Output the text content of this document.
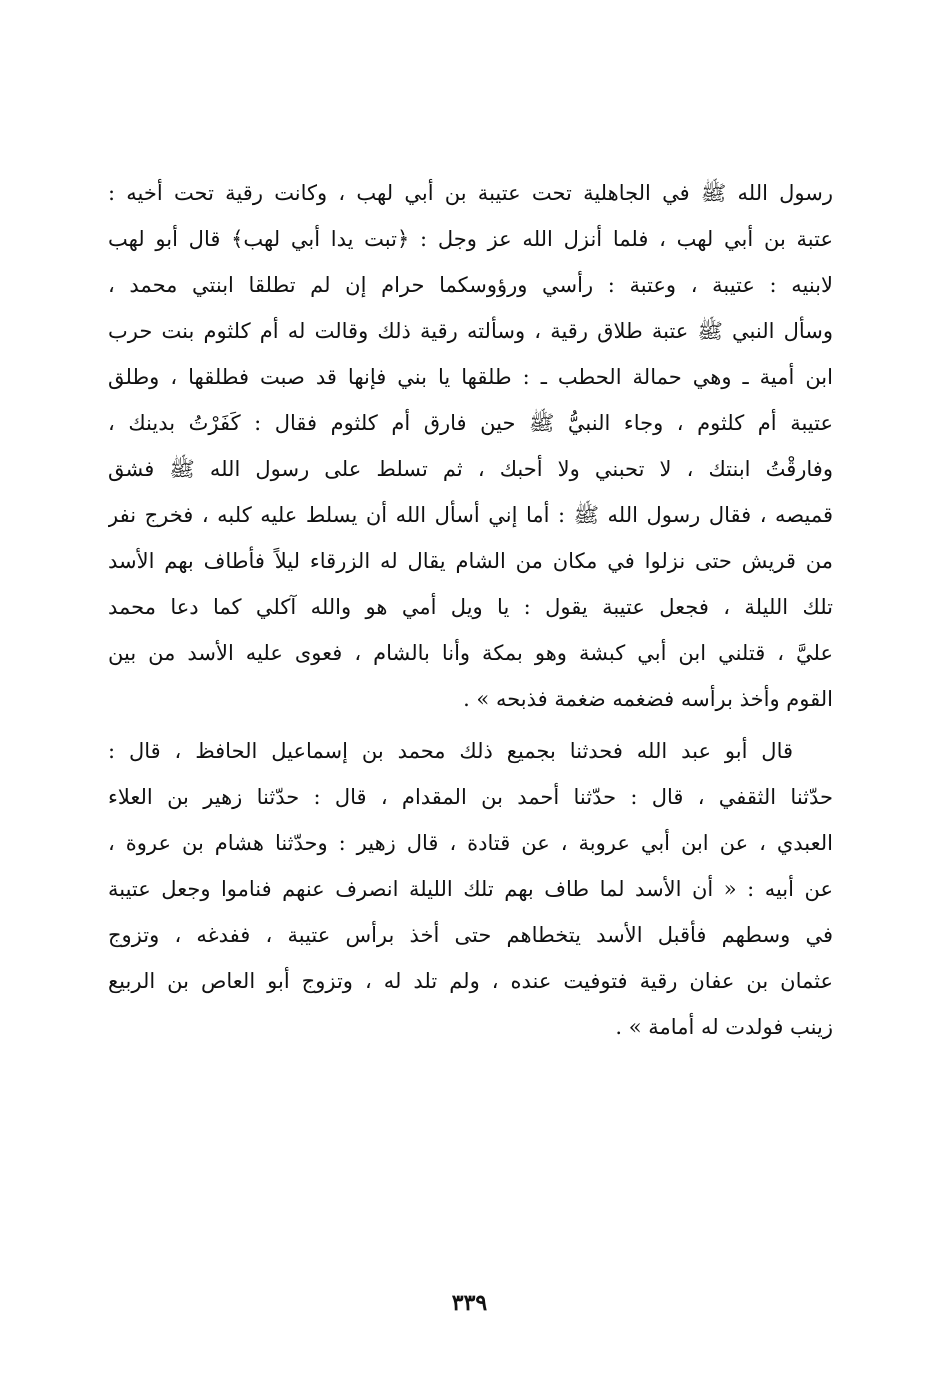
رسول الله ﷺ في الجاهلية تحت عتيبة بن أبي لهب ، وكانت رقية تحت أخيه :
عتبة بن أبي لهب ، فلما أنزل الله عز وجل : ﴿تبت يدا أبي لهب﴾ قال أبو لهب
لابنيه : عتيبة ، وعتبة : رأسي ورؤوسكما حرام إن لم تطلقا ابنتي محمد ،
وسأل النبي ﷺ عتبة طلاق رقية ، وسألته رقية ذلك وقالت له أم كلثوم بنت حرب
ابن أمية ـ وهي حمالة الحطب ـ : طلقها يا بني فإنها قد صبت فطلقها ، وطلق
عتيبة أم كلثوم ، وجاء النبيُّ ﷺ حين فارق أم كلثوم فقال : كَفَرْتُ بدينك ،
وفارقْتُ ابنتك ، لا تحبني ولا أحبك ، ثم تسلط على رسول الله ﷺ فشق
قميصه ، فقال رسول الله ﷺ : أما إني أسأل الله أن يسلط عليه كلبه ، فخرج نفر
من قريش حتى نزلوا في مكان من الشام يقال له الزرقاء ليلاً فأطاف بهم الأسد
تلك الليلة ، فجعل عتيبة يقول : يا ويل أمي هو والله آكلي كما دعا محمد
عليَّ ، قتلني ابن أبي كبشة وهو بمكة وأنا بالشام ، فعوى عليه الأسد من بين
القوم وأخذ برأسه فضغمه ضغمة فذبحه » .
قال أبو عبد الله فحدثنا بجميع ذلك محمد بن إسماعيل الحافظ ، قال :
حدّثنا الثقفي ، قال : حدّثنا أحمد بن المقدام ، قال : حدّثنا زهير بن العلاء
العبدي ، عن ابن أبي عروبة ، عن قتادة ، قال زهير : وحدّثنا هشام بن عروة ،
عن أبيه : « أن الأسد لما طاف بهم تلك الليلة انصرف عنهم فناموا وجعل عتيبة
في وسطهم فأقبل الأسد يتخطاهم حتى أخذ برأس عتيبة ، ففدغه ، وتزوج
عثمان بن عفان رقية فتوفيت عنده ، ولم تلد له ، وتزوج أبو العاص بن الربيع
زينب فولدت له أمامة » .
٣٣٩
